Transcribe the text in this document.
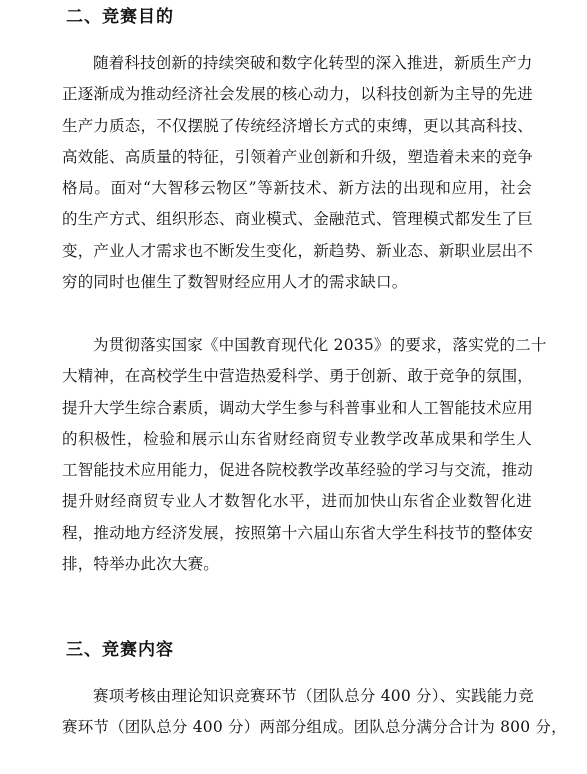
二、竞赛目的
随着科技创新的持续突破和数字化转型的深入推进，新质生产力
正逐渐成为推动经济社会发展的核心动力，以科技创新为主导的先进
生产力质态，不仅摆脱了传统经济增长方式的束缚，更以其高科技、
高效能、高质量的特征，引领着产业创新和升级，塑造着未来的竞争
格局。面对“大智移云物区”等新技术、新方法的出现和应用，社会
的生产方式、组织形态、商业模式、金融范式、管理模式都发生了巨
变，产业人才需求也不断发生变化，新趋势、新业态、新职业层出不
穷的同时也催生了数智财经应用人才的需求缺口。
为贯彻落实国家《中国教育现代化 2035》的要求，落实党的二十
大精神，在高校学生中营造热爱科学、勇于创新、敢于竞争的氛围，
提升大学生综合素质，调动大学生参与科普事业和人工智能技术应用
的积极性，检验和展示山东省财经商贸专业教学改革成果和学生人
工智能技术应用能力，促进各院校教学改革经验的学习与交流，推动
提升财经商贸专业人才数智化水平，进而加快山东省企业数智化进
程，推动地方经济发展，按照第十六届山东省大学生科技节的整体安
排，特举办此次大赛。
三、竞赛内容
赛项考核由理论知识竞赛环节（团队总分 400 分）、实践能力竞
赛环节（团队总分 400 分）两部分组成。团队总分满分合计为 800 分，
